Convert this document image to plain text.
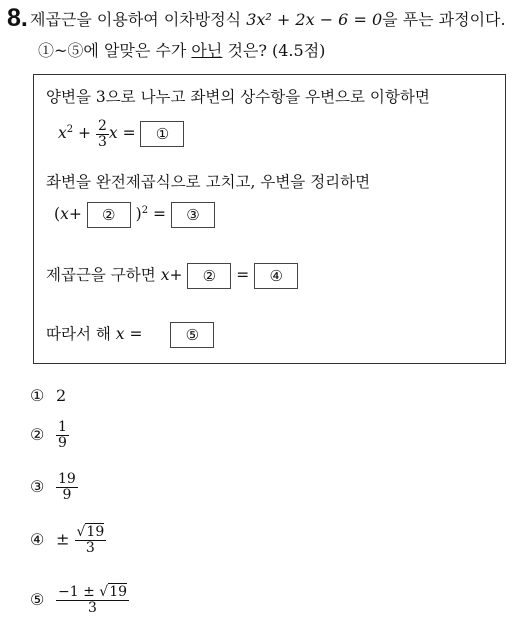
8. 제곱근을 이용하여 이차방정식 3x² + 2x − 6 = 0을 푸는 과정이다.
①~⑤에 알맞은 수가 아닌 것은? (4.5점)
양변을 3으로 나누고 좌변의 상수항을 우변으로 이항하면
$x^2 + \frac{2}{3}$ x = ①
좌변을 완전제곱식으로 고치고, 우변을 정리하면
(x+ ② )$^2$ = ③
제곱근을 구하면 x+ ② = ④
따라서 해 x =	⑤
① 2
② $\frac{1}{9}$
③ $\frac{19}{9}$
④ ± $\frac{√19}{3}$
⑤ $\frac{-1 \pm √19}{3}$
